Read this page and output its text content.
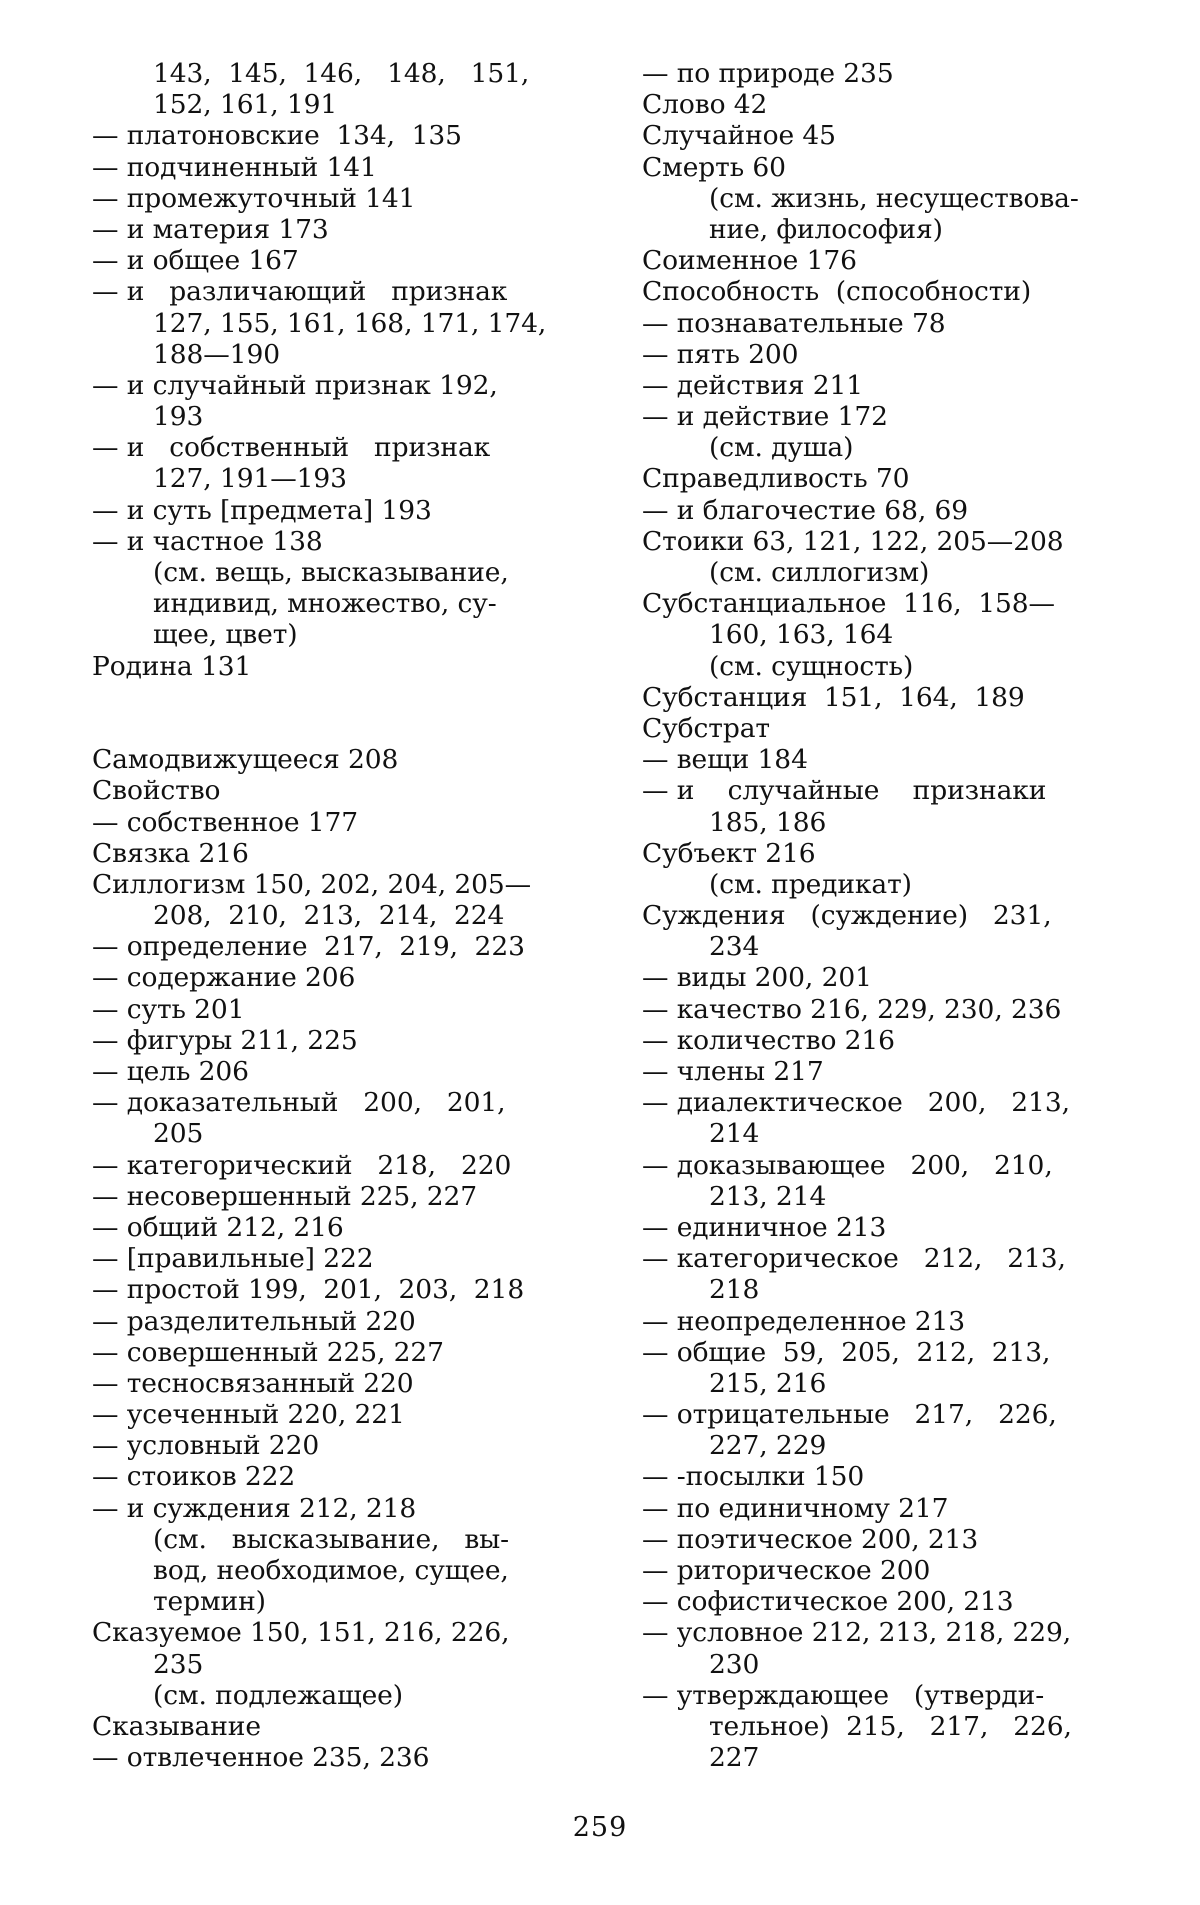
143,  145,  146,   148,   151,
152, 161, 191
— платоновские  134,  135
— подчиненный 141
— промежуточный 141
— и материя 173
— и общее 167
— и   различающий   признак
127, 155, 161, 168, 171, 174,
188—190
— и случайный признак 192,
193
— и   собственный   признак
127, 191—193
— и суть [предмета] 193
— и частное 138
(см. вещь, высказывание,
индивид, множество, су-
щее, цвет)
Родина 131
Самодвижущееся 208
Свойство
— собственное 177
Связка 216
Силлогизм 150, 202, 204, 205—
208,  210,  213,  214,  224
— определение  217,  219,  223
— содержание 206
— суть 201
— фигуры 211, 225
— цель 206
— доказательный   200,   201,
205
— категорический   218,   220
— несовершенный 225, 227
— общий 212, 216
— [правильные] 222
— простой 199,  201,  203,  218
— разделительный 220
— совершенный 225, 227
— тесносвязанный 220
— усеченный 220, 221
— условный 220
— стоиков 222
— и суждения 212, 218
(см.   высказывание,   вы-
вод, необходимое, сущее,
термин)
Сказуемое 150, 151, 216, 226,
235
(см. подлежащее)
Сказывание
— отвлеченное 235, 236
— по природе 235
Слово 42
Случайное 45
Смерть 60
(см. жизнь, несуществова-
ние, философия)
Соименное 176
Способность  (способности)
— познавательные 78
— пять 200
— действия 211
— и действие 172
(см. душа)
Справедливость 70
— и благочестие 68, 69
Стоики 63, 121, 122, 205—208
(см. силлогизм)
Субстанциальное  116,  158—
160, 163, 164
(см. сущность)
Субстанция  151,  164,  189
Субстрат
— вещи 184
— и    случайные    признаки
185, 186
Субъект 216
(см. предикат)
Суждения   (суждение)   231,
234
— виды 200, 201
— качество 216, 229, 230, 236
— количество 216
— члены 217
— диалектическое   200,   213,
214
— доказывающее   200,   210,
213, 214
— единичное 213
— категорическое   212,   213,
218
— неопределенное 213
— общие  59,  205,  212,  213,
215, 216
— отрицательные   217,   226,
227, 229
— -посылки 150
— по единичному 217
— поэтическое 200, 213
— риторическое 200
— софистическое 200, 213
— условное 212, 213, 218, 229,
230
— утверждающее   (утверди-
тельное)  215,   217,   226,
227
259
